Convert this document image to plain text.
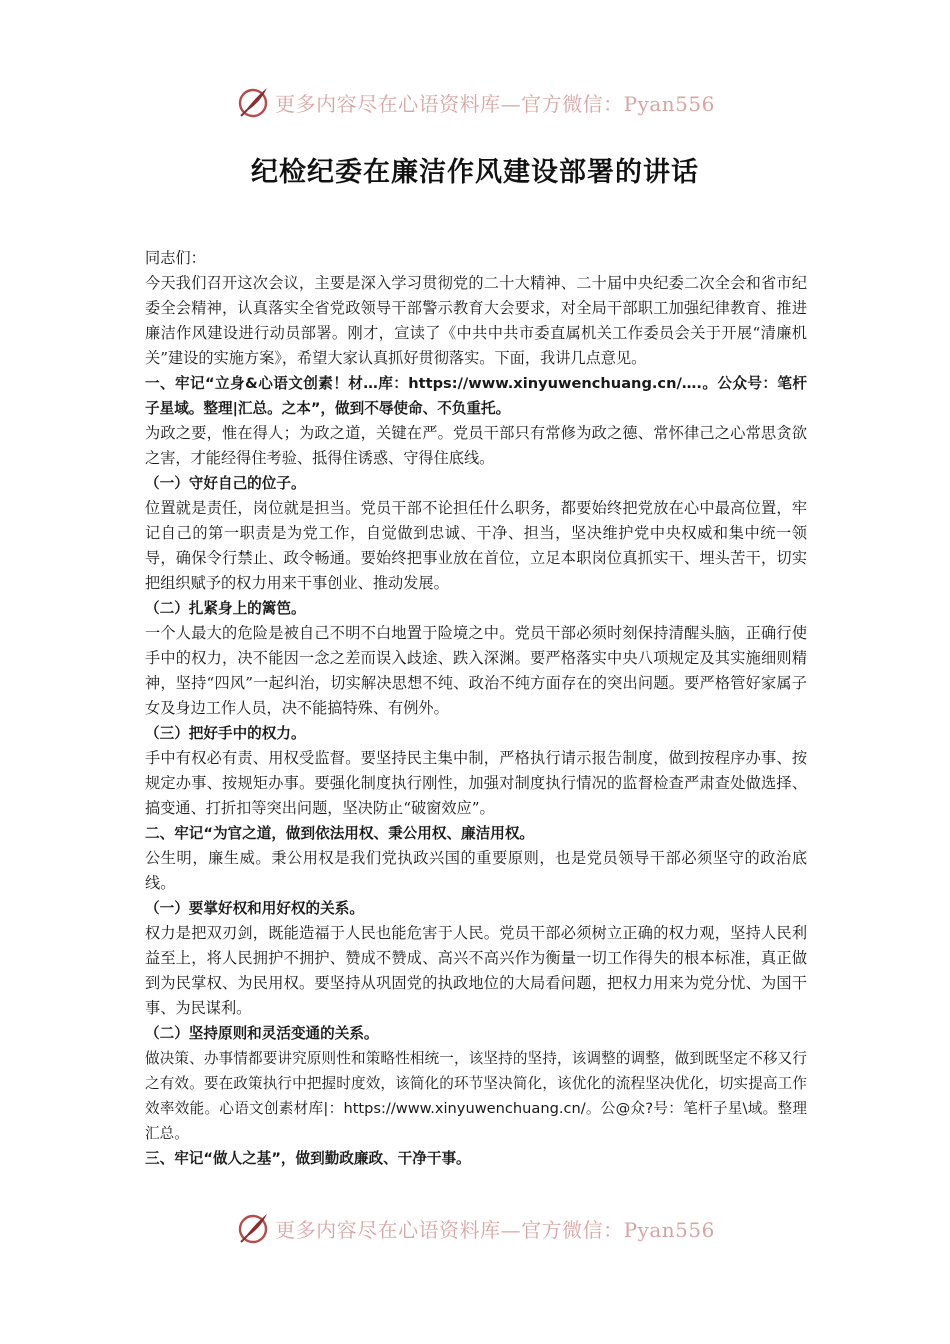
更多内容尽在心语资料库—官方微信：Pyan556
纪检纪委在廉洁作风建设部署的讲话

同志们：

今天我们召开这次会议，主要是深入学习贯彻党的二十大精神、二十届中央纪委二次全会和省市纪委全会精神，认真落实全省党政领导干部警示教育大会要求，对全局干部职工加强纪律教育、推进廉洁作风建设进行动员部署。刚才，宣读了《中共中共市委直属机关工作委员会关于开展“清廉机关”建设的实施方案》，希望大家认真抓好贯彻落实。下面，我讲几点意见。

一、牢记“立身&心语文创素！材…库：https://www.xinyuwenchuang.cn/….。公众号：笔杆子星域。整理|汇总。之本”，做到不辱使命、不负重托。

为政之要，惟在得人；为政之道，关键在严。党员干部只有常修为政之德、常怀律己之心常思贪欲之害，才能经得住考验、抵得住诱惑、守得住底线。

（一）守好自己的位子。

位置就是责任，岗位就是担当。党员干部不论担任什么职务，都要始终把党放在心中最高位置，牢记自己的第一职责是为党工作，自觉做到忠诚、干净、担当，坚决维护党中央权威和集中统一领导，确保令行禁止、政令畅通。要始终把事业放在首位，立足本职岗位真抓实干、埋头苦干，切实把组织赋予的权力用来干事创业、推动发展。

（二）扎紧身上的篱笆。

一个人最大的危险是被自己不明不白地置于险境之中。党员干部必须时刻保持清醒头脑，正确行使手中的权力，决不能因一念之差而误入歧途、跌入深渊。要严格落实中央八项规定及其实施细则精神，坚持“四风”一起纠治，切实解决思想不纯、政治不纯方面存在的突出问题。要严格管好家属子女及身边工作人员，决不能搞特殊、有例外。

（三）把好手中的权力。

手中有权必有责、用权受监督。要坚持民主集中制，严格执行请示报告制度，做到按程序办事、按规定办事、按规矩办事。要强化制度执行刚性，加强对制度执行情况的监督检查严肃查处做选择、搞变通、打折扣等突出问题，坚决防止“破窗效应”。

二、牢记“为官之道，做到依法用权、秉公用权、廉洁用权。

公生明，廉生威。秉公用权是我们党执政兴国的重要原则，也是党员领导干部必须坚守的政治底线。

（一）要掌好权和用好权的关系。

权力是把双刃剑，既能造福于人民也能危害于人民。党员干部必须树立正确的权力观，坚持人民利益至上，将人民拥护不拥护、赞成不赞成、高兴不高兴作为衡量一切工作得失的根本标准，真正做到为民掌权、为民用权。要坚持从巩固党的执政地位的大局看问题，把权力用来为党分忧、为国干事、为民谋利。

（二）坚持原则和灵活变通的关系。

做决策、办事情都要讲究原则性和策略性相统一，该坚持的坚持，该调整的调整，做到既坚定不移又行之有效。要在政策执行中把握时度效，该简化的环节坚决简化，该优化的流程坚决优化，切实提高工作效率效能。心语文创素材库|：https://www.xinyuwenchuang.cn/。公@众?号：笔杆子星\域。整理汇总。

三、牢记“做人之基”，做到勤政廉政、干净干事。

更多内容尽在心语资料库—官方微信：Pyan556
